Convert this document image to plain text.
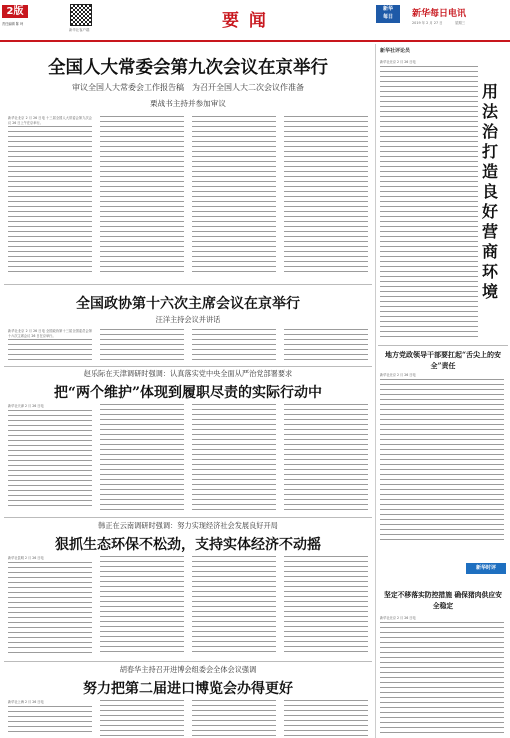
2版
责任编辑 陈 珂
新华社客户端	要 闻
新华
每日	新华每日电讯
2019 年 2 月 27 日	星期三
全国人大常委会第九次会议在京举行
审议全国人大常委会工作报告稿　为召开全国人大二次会议作准备
栗战书主持并参加审议
新华社北京 2 月 26 日电 十三届全国人大常委会第九次会议 26 日上午在京举行。
全国政协第十六次主席会议在京举行
汪洋主持会议并讲话
新华社北京 2 月 26 日电 全国政协第十三届全国委员会第十六次主席会议 26 日在京举行。
赵乐际在天津调研时强调：认真落实党中央全面从严治党部署要求
把“两个维护”体现到履职尽责的实际行动中
新华社天津 2 月 26 日电
韩正在云南调研时强调：努力实现经济社会发展良好开局
狠抓生态环保不松劲，支持实体经济不动摇
新华社昆明 2 月 26 日电
胡春华主持召开进博会组委会全体会议强调
努力把第二届进口博览会办得更好
新华社上海 2 月 26 日电
新华社评论员
用法治打造良好营商环境
新华社北京 2 月 26 日电
地方党政领导干部要扛起“舌尖上的安全”责任
新华社北京 2 月 26 日电
新华时评
坚定不移落实防控措施 确保猪肉供应安全稳定
新华社北京 2 月 26 日电
